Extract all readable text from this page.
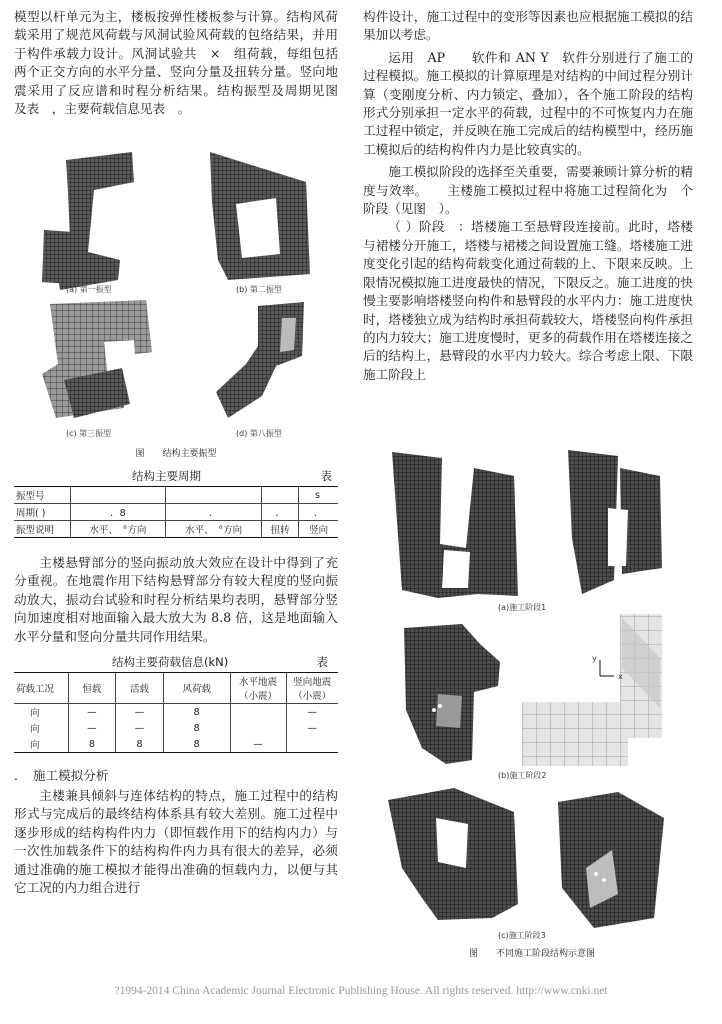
模型以杆单元为主，楼板按弹性楼板参与计算。结构风荷载采用了规范风荷载与风洞试验风荷载的包络结果，并用于构件承载力设计。风洞试验共　×　组荷载，每组包括两个正交方向的水平分量、竖向分量及扭转分量。竖向地震采用了反应谱和时程分析结果。结构振型及周期见图　及表　，主要荷载信息见表　。

(a) 第一振型	(b) 第二振型
(c) 第三振型	(d) 第八振型
图　　结构主要振型
结构主要周期	表
振型号				s
周期( )	．8	．	．	．
振型说明	水平、　°方向	水平、　°方向	扭转	竖向

主楼悬臂部分的竖向振动放大效应在设计中得到了充分重视。在地震作用下结构悬臂部分有较大程度的竖向振动放大，振动台试验和时程分析结果均表明，悬臂部分竖向加速度相对地面输入最大放大为 8.8 倍，这是地面输入水平分量和竖向分量共同作用结果。

结构主要荷载信息(kN)	表
荷载工况	恒载	活载	风荷载	水平地震（小震）	竖向地震（小震）
向	—	—	8		—
向	—	—	8		—
向	8	8	8	—	
．　施工模拟分析

主楼兼具倾斜与连体结构的特点，施工过程中的结构形式与完成后的最终结构体系具有较大差别。施工过程中逐步形成的结构构件内力（即恒载作用下的结构内力）与一次性加载条件下的结构构件内力具有很大的差异，必须通过准确的施工模拟才能得出准确的恒载内力，以便与其它工况的内力组合进行

构件设计，施工过程中的变形等因素也应根据施工模拟的结果加以考虑。

运用　AP　　软件和 AN Y　软件分别进行了施工的过程模拟。施工模拟的计算原理是对结构的中间过程分别计算（变刚度分析、内力锁定、叠加），各个施工阶段的结构形式分别承担一定水平的荷载，过程中的不可恢复内力在施工过程中锁定，并反映在施工完成后的结构模型中，经历施工模拟后的结构构件内力是比较真实的。

施工模拟阶段的选择至关重要，需要兼顾计算分析的精度与效率。　　主楼施工模拟过程中将施工过程简化为　个阶段（见图　）。

（ ）阶段　：塔楼施工至悬臂段连接前。此时，塔楼与裙楼分开施工，塔楼与裙楼之间设置施工缝。塔楼施工进度变化引起的结构荷载变化通过荷载的上、下限来反映。上限情况模拟施工进度最快的情况，下限反之。施工进度的快慢主要影响塔楼竖向构件和悬臂段的水平内力：施工进度快时，塔楼独立成为结构时承担荷载较大，塔楼竖向构件承担的内力较大；施工进度慢时，更多的荷载作用在塔楼连接之后的结构上，悬臂段的水平内力较大。综合考虑上限、下限施工阶段上

y
x
(a)施工阶段1
(b)施工阶段2
(c)施工阶段3
图　　不同施工阶段结构示意图
?1994-2014 China Academic Journal Electronic Publishing House. All rights reserved. http://www.cnki.net
